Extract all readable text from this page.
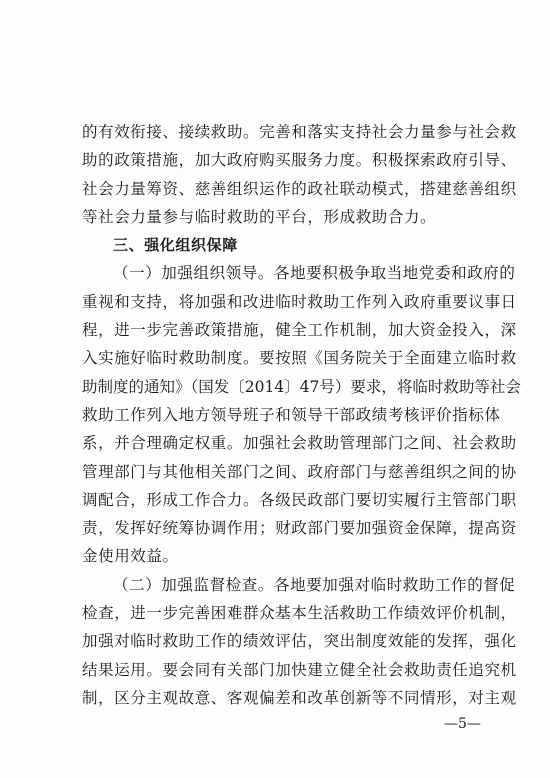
的有效衔接、接续救助。完善和落实支持社会力量参与社会救
助的政策措施，加大政府购买服务力度。积极探索政府引导、
社会力量筹资、慈善组织运作的政社联动模式，搭建慈善组织
等社会力量参与临时救助的平台，形成救助合力。
三、强化组织保障
（一）加强组织领导。各地要积极争取当地党委和政府的
重视和支持，将加强和改进临时救助工作列入政府重要议事日
程，进一步完善政策措施，健全工作机制，加大资金投入，深
入实施好临时救助制度。要按照《国务院关于全面建立临时救
助制度的通知》（国发〔2014〕47号）要求，将临时救助等社会
救助工作列入地方领导班子和领导干部政绩考核评价指标体
系，并合理确定权重。加强社会救助管理部门之间、社会救助
管理部门与其他相关部门之间、政府部门与慈善组织之间的协
调配合，形成工作合力。各级民政部门要切实履行主管部门职
责，发挥好统筹协调作用；财政部门要加强资金保障，提高资
金使用效益。
（二）加强监督检查。各地要加强对临时救助工作的督促
检查，进一步完善困难群众基本生活救助工作绩效评价机制，
加强对临时救助工作的绩效评估，突出制度效能的发挥，强化
结果运用。要会同有关部门加快建立健全社会救助责任追究机
制，区分主观故意、客观偏差和改革创新等不同情形，对主观
—5—
